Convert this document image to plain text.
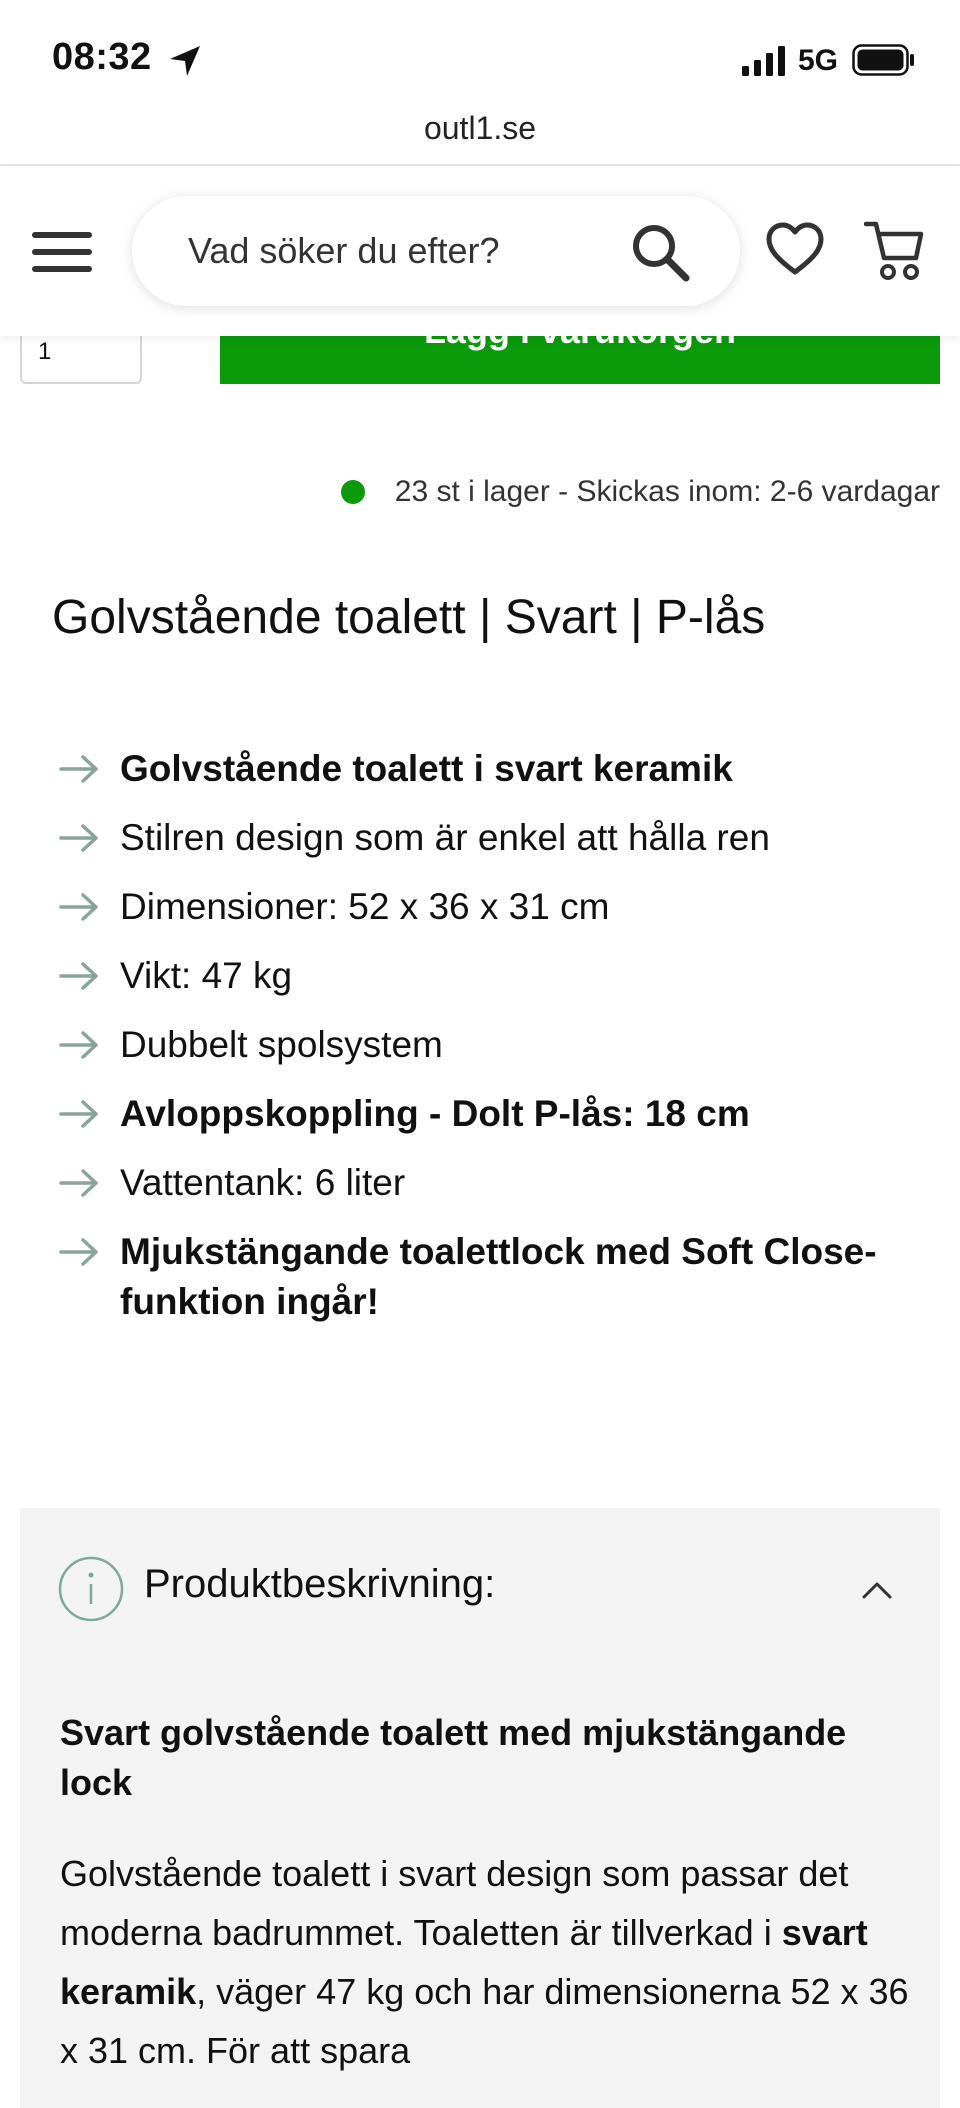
08:32	5G
outl1.se
Vad söker du efter?
1
23 st i lager - Skickas inom: 2-6 vardagar
Golvstående toalett | Svart | P-lås
Golvstående toalett i svart keramik
Stilren design som är enkel att hålla ren
Dimensioner: 52 x 36 x 31 cm
Vikt: 47 kg
Dubbelt spolsystem
Avloppskoppling - Dolt P-lås: 18 cm
Vattentank: 6 liter
Mjukstängande toalettlock med Soft Close-funktion ingår!
Produktbeskrivning:
Svart golvstående toalett med mjukstängande lock

Golvstående toalett i svart design som passar det moderna badrummet. Toaletten är tillverkad i svart keramik, väger 47 kg och har dimensionerna 52 x 36 x 31 cm. För att spara
